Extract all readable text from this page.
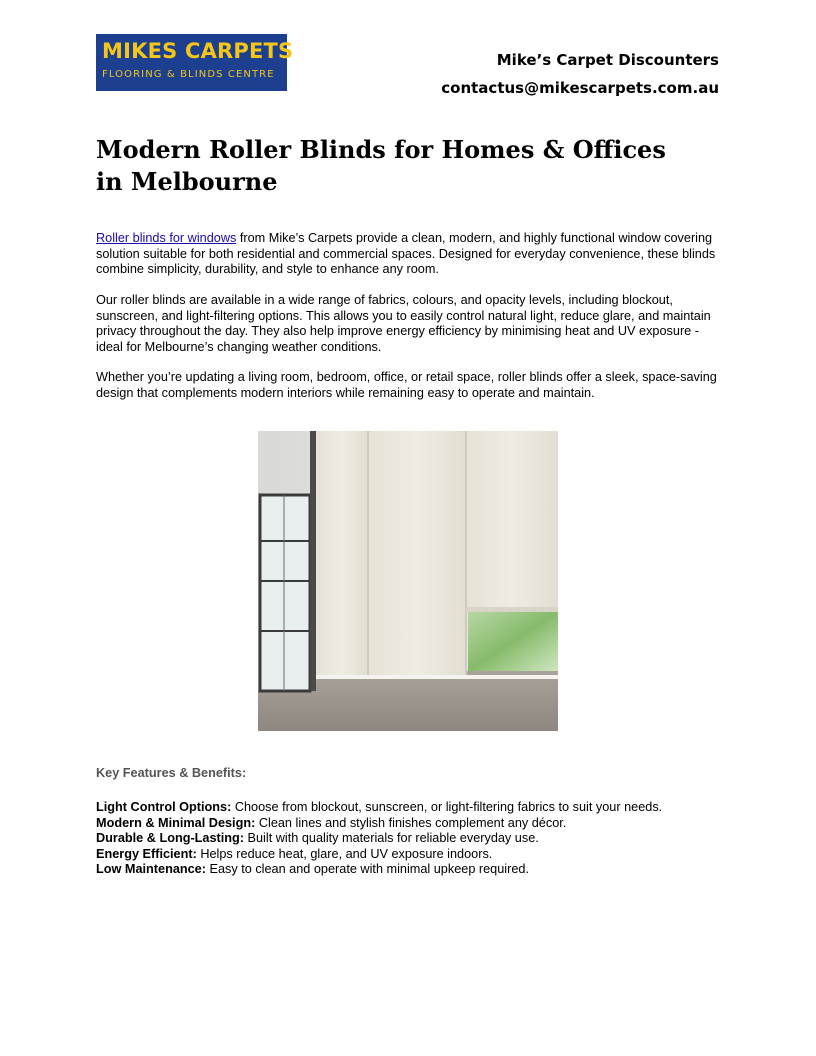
MIKES CARPETS
FLOORING & BLINDS CENTRE
Mike’s Carpet Discounters
contactus@mikescarpets.com.au
Modern Roller Blinds for Homes & Offices in Melbourne

Roller blinds for windows from Mike’s Carpets provide a clean, modern, and highly functional window covering solution suitable for both residential and commercial spaces. Designed for everyday convenience, these blinds combine simplicity, durability, and style to enhance any room.

Our roller blinds are available in a wide range of fabrics, colours, and opacity levels, including blockout, sunscreen, and light-filtering options. This allows you to easily control natural light, reduce glare, and maintain privacy throughout the day. They also help improve energy efficiency by minimising heat and UV exposure - ideal for Melbourne’s changing weather conditions.

Whether you’re updating a living room, bedroom, office, or retail space, roller blinds offer a sleek, space-saving design that complements modern interiors while remaining easy to operate and maintain.

Key Features & Benefits:

Light Control Options: Choose from blockout, sunscreen, or light-filtering fabrics to suit your needs.
Modern & Minimal Design: Clean lines and stylish finishes complement any décor.
Durable & Long-Lasting: Built with quality materials for reliable everyday use.
Energy Efficient: Helps reduce heat, glare, and UV exposure indoors.
Low Maintenance: Easy to clean and operate with minimal upkeep required.
